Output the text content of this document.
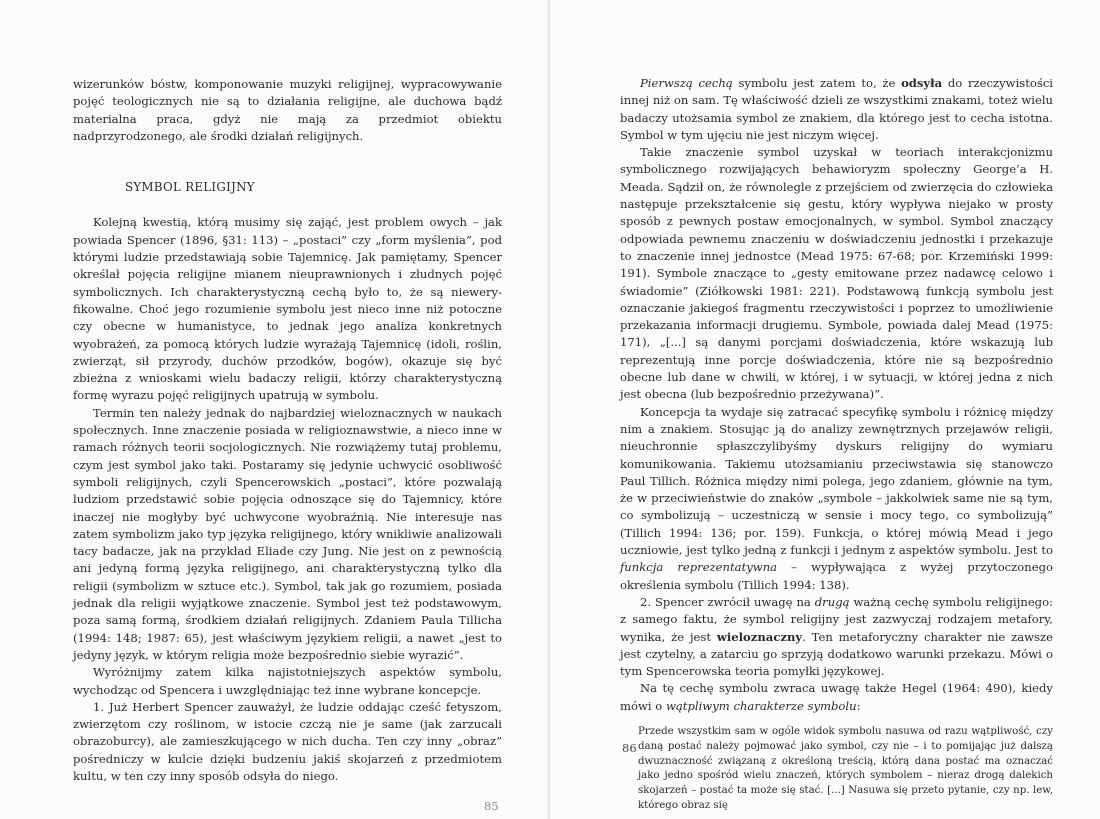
wizerunków bóstw, komponowanie muzyki religijnej, wypracowywanie pojęć teologicznych nie są to działania religijne, ale duchowa bądź materialna praca, gdyż nie mają za przedmiot obiektu nadprzyrodzonego, ale środki działań religijnych.

SYMBOL RELIGIJNY

Kolejną kwestią, którą musimy się zająć, jest problem owych – jak powiada Spencer (1896, §31: 113) – „postaci” czy „form myślenia”, pod którymi ludzie przedstawiają sobie Tajemnicę. Jak pamiętamy, Spencer określał pojęcia religijne mianem nieuprawnionych i złudnych pojęć symbolicznych. Ich charakterystyczną cechą było to, że są nieweryfikowalne. Choć jego rozumienie symbolu jest nieco inne niż potoczne czy obecne w humanistyce, to jednak jego analiza konkretnych wyobrażeń, za pomocą których ludzie wyrażają Tajemnicę (idoli, roślin, zwierząt, sił przyrody, duchów przodków, bogów), okazuje się być zbieżna z wnioskami wielu badaczy religii, którzy charakterystyczną formę wyrazu pojęć religijnych upatrują w symbolu.

Termin ten należy jednak do najbardziej wieloznacznych w naukach społecznych. Inne znaczenie posiada w religioznawstwie, a nieco inne w ramach różnych teorii socjologicznych. Nie rozwiążemy tutaj problemu, czym jest symbol jako taki. Postaramy się jedynie uchwycić osobliwość symboli religijnych, czyli Spencerowskich „postaci”, które pozwalają ludziom przedstawić sobie pojęcia odnoszące się do Tajemnicy, które inaczej nie mogłyby być uchwycone wyobraźnią. Nie interesuje nas zatem symbolizm jako typ języka religijnego, który wnikliwie analizowali tacy badacze, jak na przykład Eliade czy Jung. Nie jest on z pewnością ani jedyną formą języka religijnego, ani charakterystyczną tylko dla religii (symbolizm w sztuce etc.). Symbol, tak jak go rozumiem, posiada jednak dla religii wyjątkowe znaczenie. Symbol jest też podstawowym, poza samą formą, środkiem działań religijnych. Zdaniem Paula Tillicha (1994: 148; 1987: 65), jest właściwym językiem religii, a nawet „jest to jedyny język, w którym religia może bezpośrednio siebie wyrazić”.

Wyróżnijmy zatem kilka najistotniejszych aspektów symbolu, wychodząc od Spencera i uwzględniając też inne wybrane koncepcje.

1. Już Herbert Spencer zauważył, że ludzie oddając cześć fetyszom, zwierzętom czy roślinom, w istocie czczą nie je same (jak zarzucali obrazoburcy), ale zamieszkującego w nich ducha. Ten czy inny „obraz” pośredniczy w kulcie dzięki budzeniu jakiś skojarzeń z przedmiotem kultu, w ten czy inny sposób odsyła do niego.

85

Pierwszą cechą symbolu jest zatem to, że odsyła do rzeczywistości innej niż on sam. Tę właściwość dzieli ze wszystkimi znakami, toteż wielu badaczy utożsamia symbol ze znakiem, dla którego jest to cecha istotna. Symbol w tym ujęciu nie jest niczym więcej.

Takie znaczenie symbol uzyskał w teoriach interakcjonizmu symbolicznego rozwijających behawioryzm społeczny George’a H. Meada. Sądził on, że równolegle z przejściem od zwierzęcia do człowieka następuje przekształcenie się gestu, który wypływa niejako w prosty sposób z pewnych postaw emocjonalnych, w symbol. Symbol znaczący odpowiada pewnemu znaczeniu w doświadczeniu jednostki i przekazuje to znaczenie innej jednostce (Mead 1975: 67-68; por. Krzemiński 1999: 191). Symbole znaczące to „gesty emitowane przez nadawcę celowo i świadomie” (Ziółkowski 1981: 221). Podstawową funkcją symbolu jest oznaczanie jakiegoś fragmentu rzeczywistości i poprzez to umożliwienie przekazania informacji drugiemu. Symbole, powiada dalej Mead (1975: 171), „[...] są danymi porcjami doświadczenia, które wskazują lub reprezentują inne porcje doświadczenia, które nie są bezpośrednio obecne lub dane w chwili, w której, i w sytuacji, w której jedna z nich jest obecna (lub bezpośrednio przeżywana)”.

Koncepcja ta wydaje się zatracać specyfikę symbolu i różnicę między nim a znakiem. Stosując ją do analizy zewnętrznych przejawów religii, nieuchronnie spłaszczylibyśmy dyskurs religijny do wymiaru komunikowania. Takiemu utożsamianiu przeciwstawia się stanowczo Paul Tillich. Różnica między nimi polega, jego zdaniem, głównie na tym, że w przeciwieństwie do znaków „symbole – jakkolwiek same nie są tym, co symbolizują – uczestniczą w sensie i mocy tego, co symbolizują” (Tillich 1994: 136; por. 159). Funkcja, o której mówią Mead i jego uczniowie, jest tylko jedną z funkcji i jednym z aspektów symbolu. Jest to funkcja reprezentatywna – wypływająca z wyżej przytoczonego określenia symbolu (Tillich 1994: 138).

2. Spencer zwrócił uwagę na drugą ważną cechę symbolu religijnego: z samego faktu, że symbol religijny jest zazwyczaj rodzajem metafory, wynika, że jest wieloznaczny. Ten metaforyczny charakter nie zawsze jest czytelny, a zatarciu go sprzyją dodatkowo warunki przekazu. Mówi o tym Spencerowska teoria pomyłki językowej.

Na tę cechę symbolu zwraca uwagę także Hegel (1964: 490), kiedy mówi o wątpliwym charakterze symbolu:

Przede wszystkim sam w ogóle widok symbolu nasuwa od razu wątpliwość, czy daną postać należy pojmować jako symbol, czy nie – i to pomijając już dalszą dwuznaczność związaną z określoną treścią, którą dana postać ma oznaczać jako jedno spośród wielu znaczeń, których symbolem – nieraz drogą dalekich skojarzeń – postać ta może się stać. [...] Nasuwa się przeto pytanie, czy np. lew, którego obraz się
86
